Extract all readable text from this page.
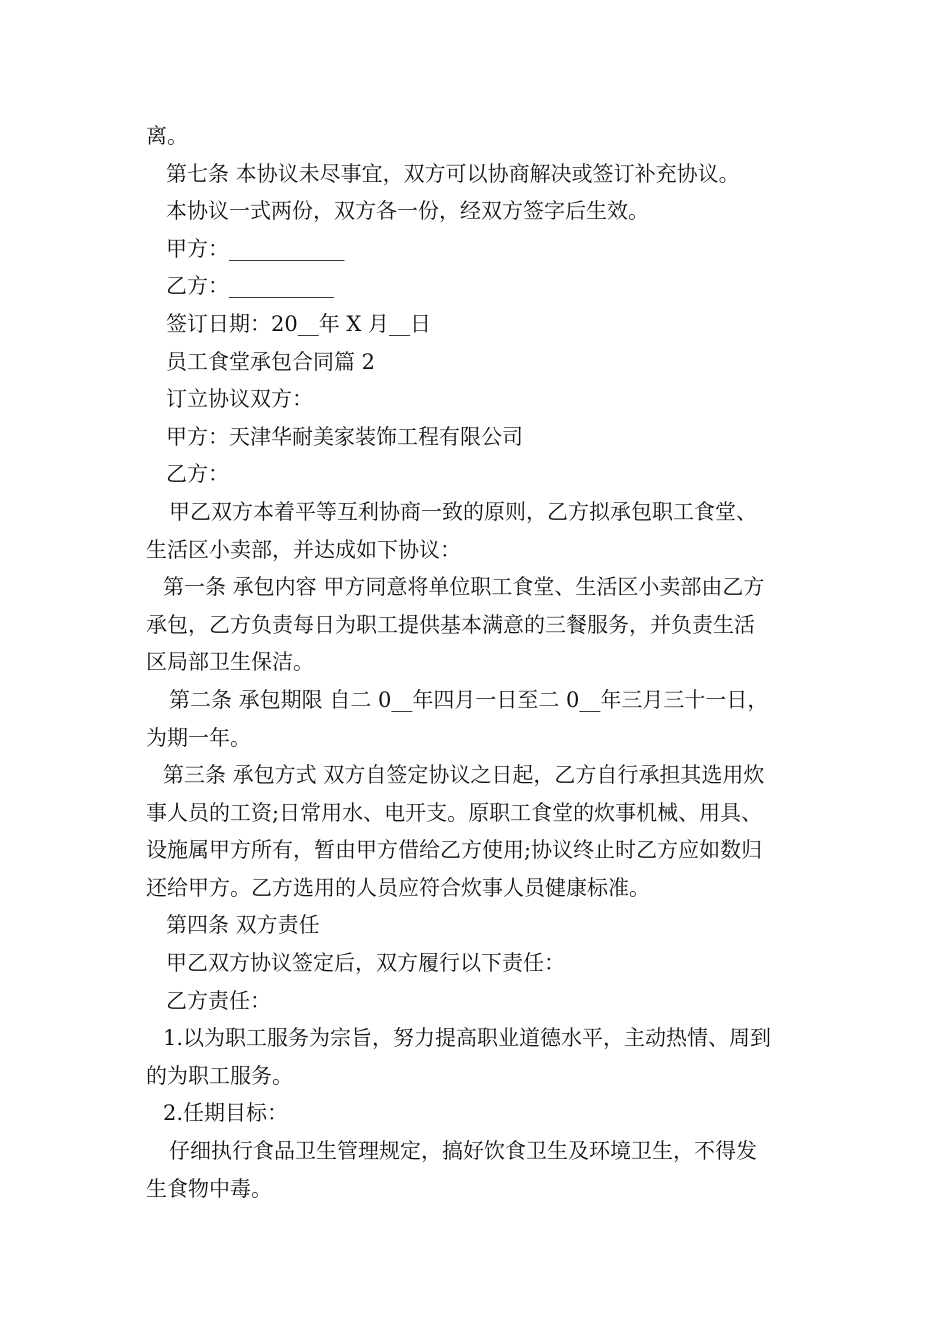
离。
第七条 本协议未尽事宜，双方可以协商解决或签订补充协议。
本协议一式两份，双方各一份，经双方签字后生效。
甲方：___________
乙方：__________
签订日期：20__年 X 月__日
员工食堂承包合同篇 2
订立协议双方：
甲方：天津华耐美家装饰工程有限公司
乙方：
甲乙双方本着平等互利协商一致的原则，乙方拟承包职工食堂、
生活区小卖部，并达成如下协议：
第一条 承包内容 甲方同意将单位职工食堂、生活区小卖部由乙方
承包，乙方负责每日为职工提供基本满意的三餐服务，并负责生活
区局部卫生保洁。
第二条 承包期限 自二 0__年四月一日至二 0__年三月三十一日，
为期一年。
第三条 承包方式 双方自签定协议之日起，乙方自行承担其选用炊
事人员的工资;日常用水、电开支。原职工食堂的炊事机械、用具、
设施属甲方所有，暂由甲方借给乙方使用;协议终止时乙方应如数归
还给甲方。乙方选用的人员应符合炊事人员健康标准。
第四条 双方责任
甲乙双方协议签定后，双方履行以下责任：
乙方责任：
1.以为职工服务为宗旨，努力提高职业道德水平，主动热情、周到
的为职工服务。
2.任期目标：
仔细执行食品卫生管理规定，搞好饮食卫生及环境卫生，不得发
生食物中毒。
